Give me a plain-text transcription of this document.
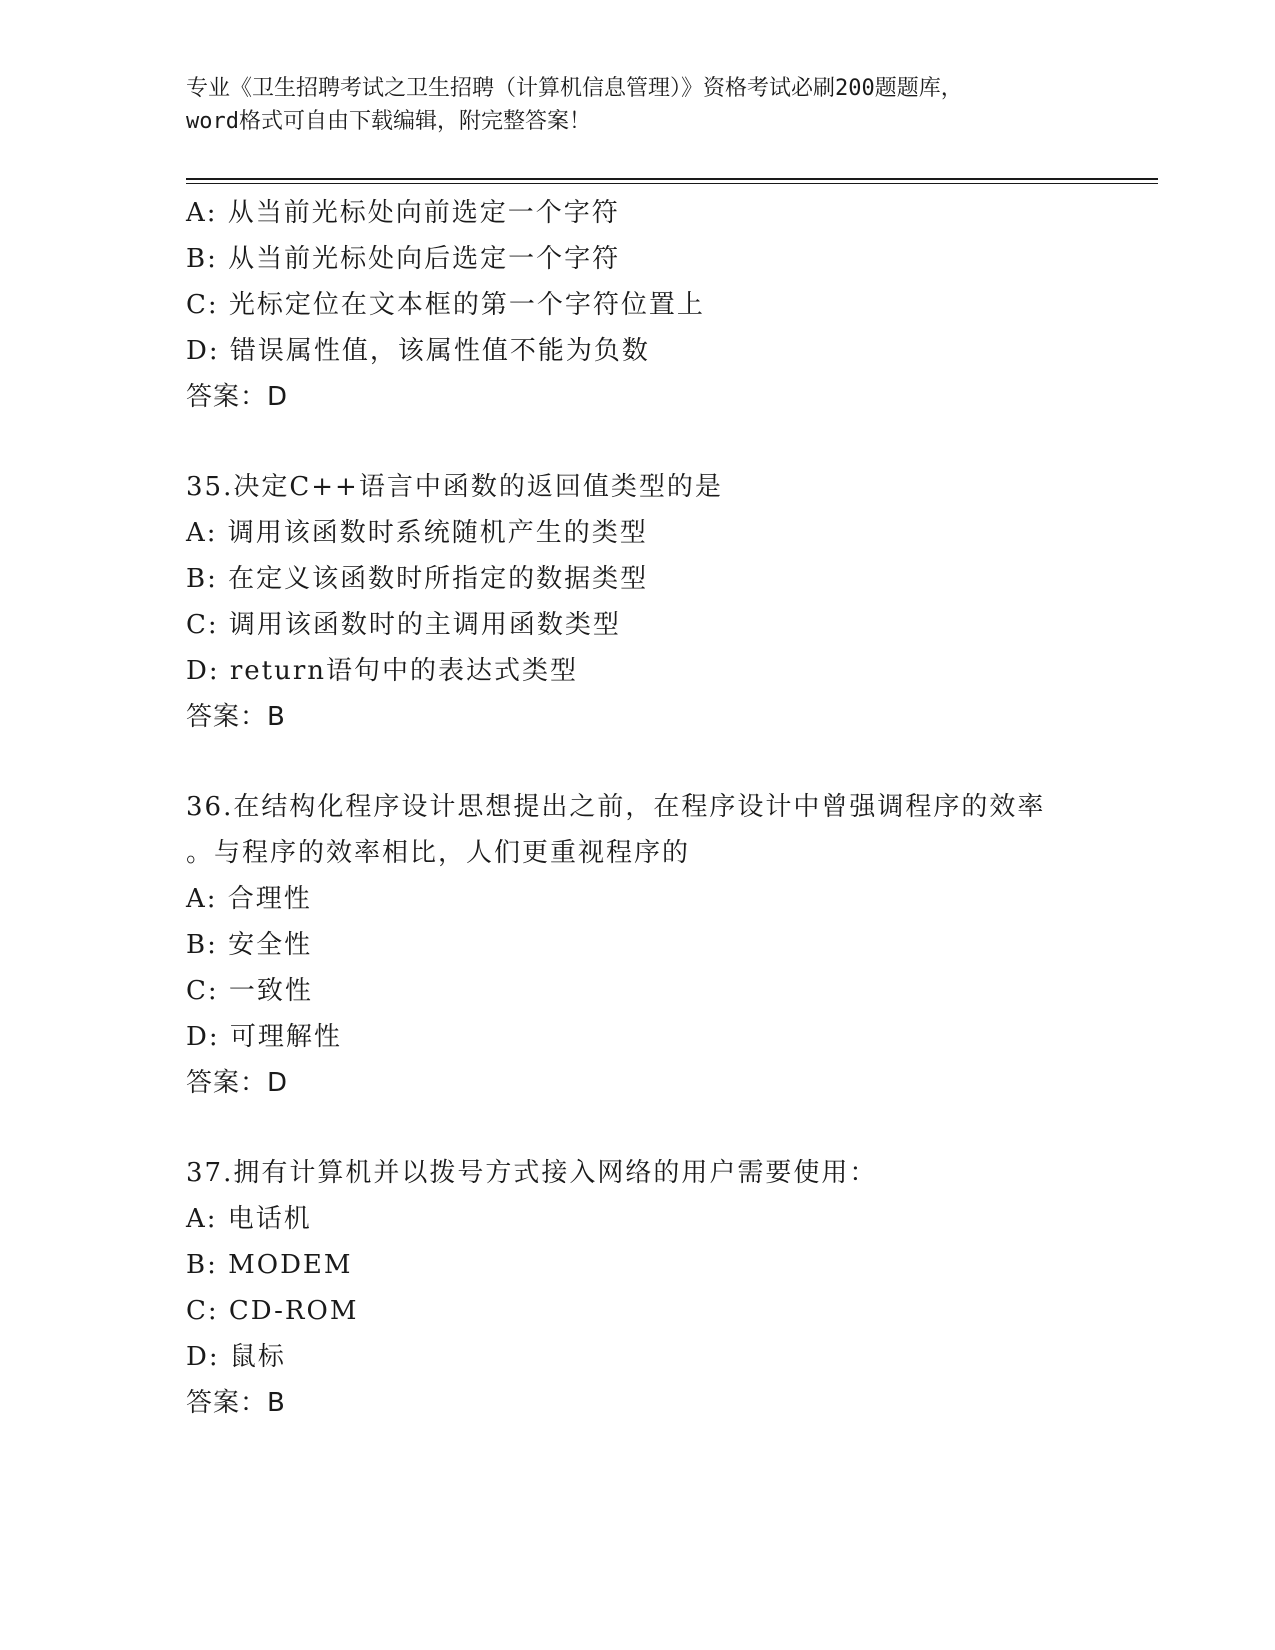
专业《卫生招聘考试之卫生招聘（计算机信息管理）》资格考试必刷200题题库，
word格式可自由下载编辑，附完整答案！
A: 从当前光标处向前选定一个字符
B: 从当前光标处向后选定一个字符
C: 光标定位在文本框的第一个字符位置上
D: 错误属性值，该属性值不能为负数
答案：D
35.决定C++语言中函数的返回值类型的是
A: 调用该函数时系统随机产生的类型
B: 在定义该函数时所指定的数据类型
C: 调用该函数时的主调用函数类型
D: return语句中的表达式类型
答案：B
36.在结构化程序设计思想提出之前，在程序设计中曾强调程序的效率
。与程序的效率相比，人们更重视程序的
A: 合理性
B: 安全性
C: 一致性
D: 可理解性
答案：D
37.拥有计算机并以拨号方式接入网络的用户需要使用：
A: 电话机
B: MODEM
C: CD-ROM
D: 鼠标
答案：B
